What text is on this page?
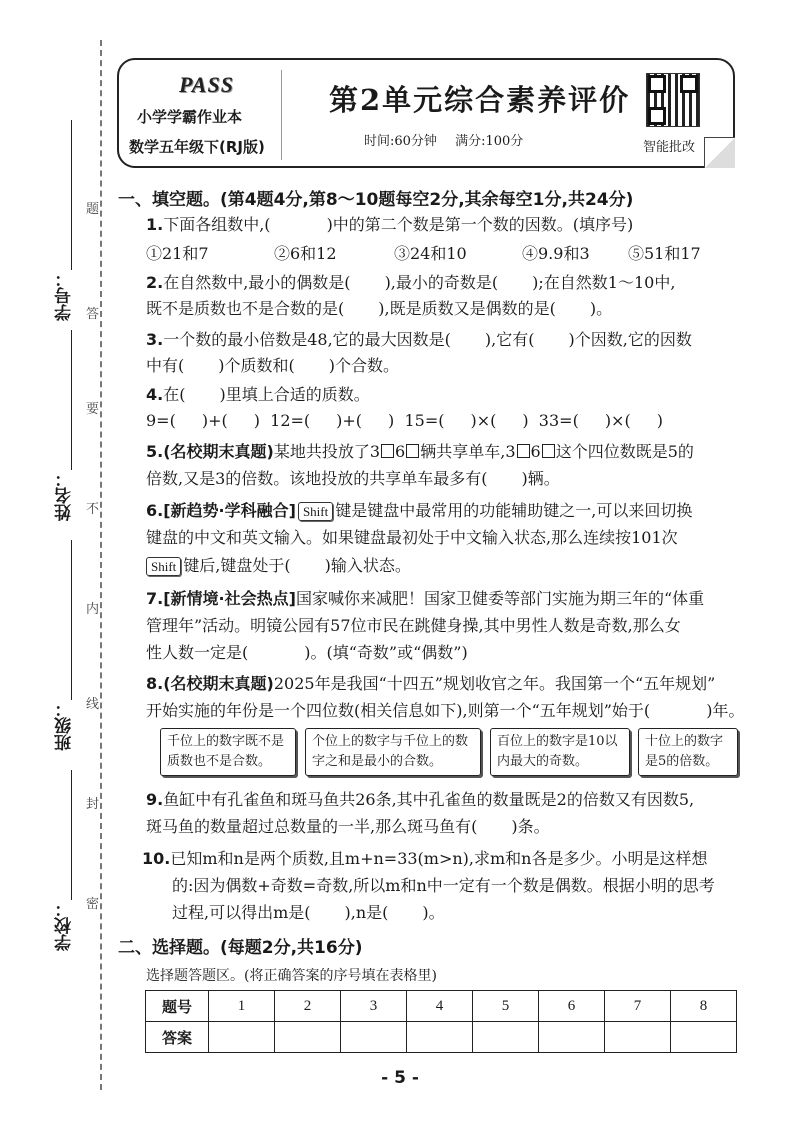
学号：
姓名：
班级：
学校：
题
答
要
不
内
线
封
密
PASS
小学学霸作业本
数学五年级下(RJ版)
第2单元综合素养评价
时间:60分钟 满分:100分	智能批改
一、填空题。(第4题4分,第8～10题每空2分,其余每空1分,共24分)
1.下面各组数中,(	)中的第二个数是第一个数的因数。(填序号)
①21和7	②6和12	③24和10	④9.9和3 ⑤51和17
2.在自然数中,最小的偶数是( ),最小的奇数是( );在自然数1～10中,
既不是质数也不是合数的是( ),既是质数又是偶数的是( )。
3.一个数的最小倍数是48,它的最大因数是( ),它有( )个因数,它的因数
中有( )个质数和( )个合数。
4.在( )里填上合适的质数。
9=( )+( ) 12=( )+( ) 15=( )×( ) 33=( )×( )
5.(名校期末真题)某地共投放了3 6 辆共享单车,3 6 这个四位数既是5的
倍数,又是3的倍数。该地投放的共享单车最多有( )辆。
6.[新趋势·学科融合] Shift 键是键盘中最常用的功能辅助键之一,可以来回切换
键盘的中文和英文输入。如果键盘最初处于中文输入状态,那么连续按101次
Shift 键后,键盘处于( )输入状态。
7.[新情境·社会热点]国家喊你来减肥！国家卫健委等部门实施为期三年的“体重
管理年”活动。明镜公园有57位市民在跳健身操,其中男性人数是奇数,那么女
性人数一定是(	)。(填“奇数”或“偶数”)
8.(名校期末真题)2025年是我国“十四五”规划收官之年。我国第一个“五年规划”
开始实施的年份是一个四位数(相关信息如下),则第一个“五年规划”始于(	)年。
千位上的数字既不是质数也不是合数。
个位上的数字与千位上的数字之和是最小的合数。
百位上的数字是10以内最大的奇数。
十位上的数字是5的倍数。
9.鱼缸中有孔雀鱼和斑马鱼共26条,其中孔雀鱼的数量既是2的倍数又有因数5,
斑马鱼的数量超过总数量的一半,那么斑马鱼有( )条。
10.已知m和n是两个质数,且m+n=33(m>n),求m和n各是多少。小明是这样想
的:因为偶数+奇数=奇数,所以m和n中一定有一个数是偶数。根据小明的思考
过程,可以得出m是( ),n是( )。
二、选择题。(每题2分,共16分)
选择题答题区。(将正确答案的序号填在表格里)
题号	1	2	3	4	5	6	7	8
答案								
- 5 -
